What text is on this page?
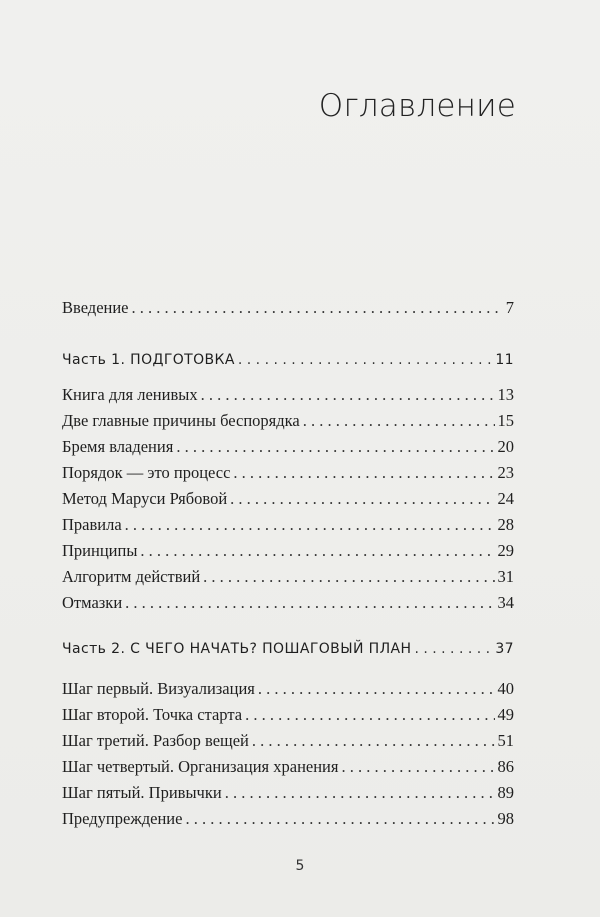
Оглавление
Введение . . .	7
Часть 1. ПОДГОТОВКА . . .	11
Книга для ленивых . . .	13
Две главные причины беспорядка . . .	15
Бремя владения . . .	20
Порядок — это процесс . . .	23
Метод Маруси Рябовой . . .	24
Правила . . .	28
Принципы . . .	29
Алгоритм действий . . .	31
Отмазки . . .	34
Часть 2. С ЧЕГО НАЧАТЬ? ПОШАГОВЫЙ ПЛАН . . .	37
Шаг первый. Визуализация . . .	40
Шаг второй. Точка старта . . .	49
Шаг третий. Разбор вещей . . .	51
Шаг четвертый. Организация хранения . . .	86
Шаг пятый. Привычки . . .	89
Предупреждение . . .	98
5
